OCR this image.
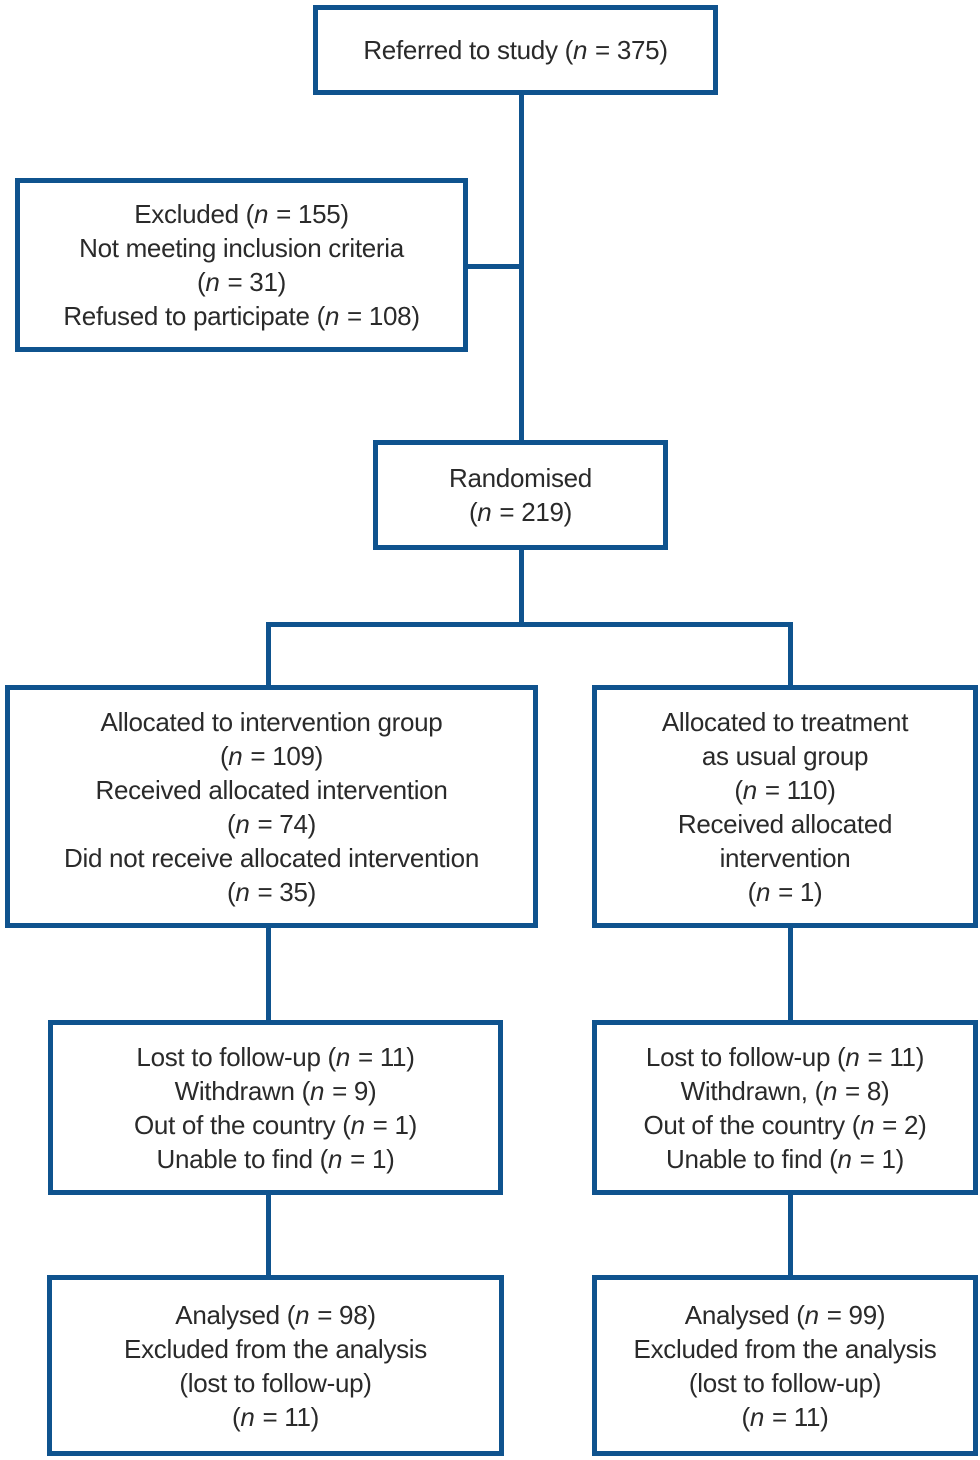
Referred to study (n = 375)
Excluded (n = 155)
Not meeting inclusion criteria
(n = 31)
Refused to participate (n = 108)
Randomised
(n = 219)
Allocated to intervention group
(n = 109)
Received allocated intervention
(n = 74)
Did not receive allocated intervention
(n = 35)
Allocated to treatment
as usual group
(n = 110)
Received allocated
intervention
(n = 1)
Lost to follow-up (n = 11)
Withdrawn (n = 9)
Out of the country (n = 1)
Unable to find (n = 1)
Lost to follow-up (n = 11)
Withdrawn, (n = 8)
Out of the country (n = 2)
Unable to find (n = 1)
Analysed (n = 98)
Excluded from the analysis
(lost to follow-up)
(n = 11)
Analysed (n = 99)
Excluded from the analysis
(lost to follow-up)
(n = 11)
